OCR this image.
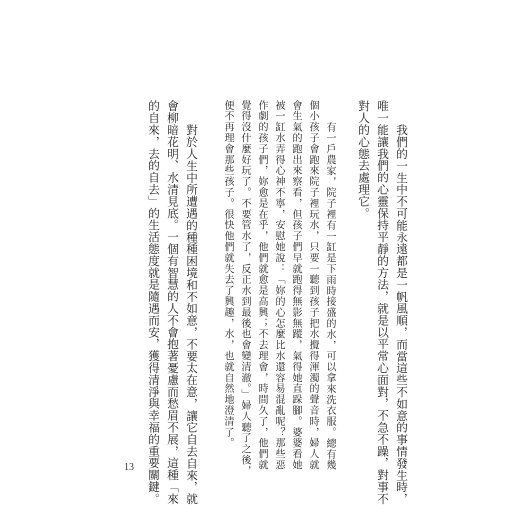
我們的一生中不可能永遠都是一帆風順，而當這些不如意的事情發生時，
唯一能讓我們的心靈保持平靜的方法，就是以平常心面對，不急不躁，對事不
對人的心態去處理它。
有一戶農家，院子裡有一缸是下雨時接盛的水，可以拿來洗衣服。總有幾
個小孩子會跑來院子裡玩水，只要一聽到孩子把水攪得渾濁的聲音時，婦人就
會生氣的跑出來察看，但孩子們早就跑得無影無蹤，氣得她直跺腳。婆婆看她
被一缸水弄得心神不寧，安慰她說：「妳的心怎麼比水還容易混亂呢？那些惡
作劇的孩子們，妳愈是在乎，他們就愈是高興；不去理會，時間久了，他們就
覺得沒什麼好玩了。不要管水了，反正水到最後也會變清澈。」婦人聽了之後，
便不再理會那些孩子。很快他們就失去了興趣，水，也就自然地澄清了。
對於人生中所遭遇的種種困境和不如意，不要太在意，讓它自去自來，就
會柳暗花明、水清見底。一個有智慧的人不會抱著憂慮而愁眉不展，這種「來
的自來，去的自去」的生活態度就是隨遇而安，獲得清淨與幸福的重要關鍵。
13
